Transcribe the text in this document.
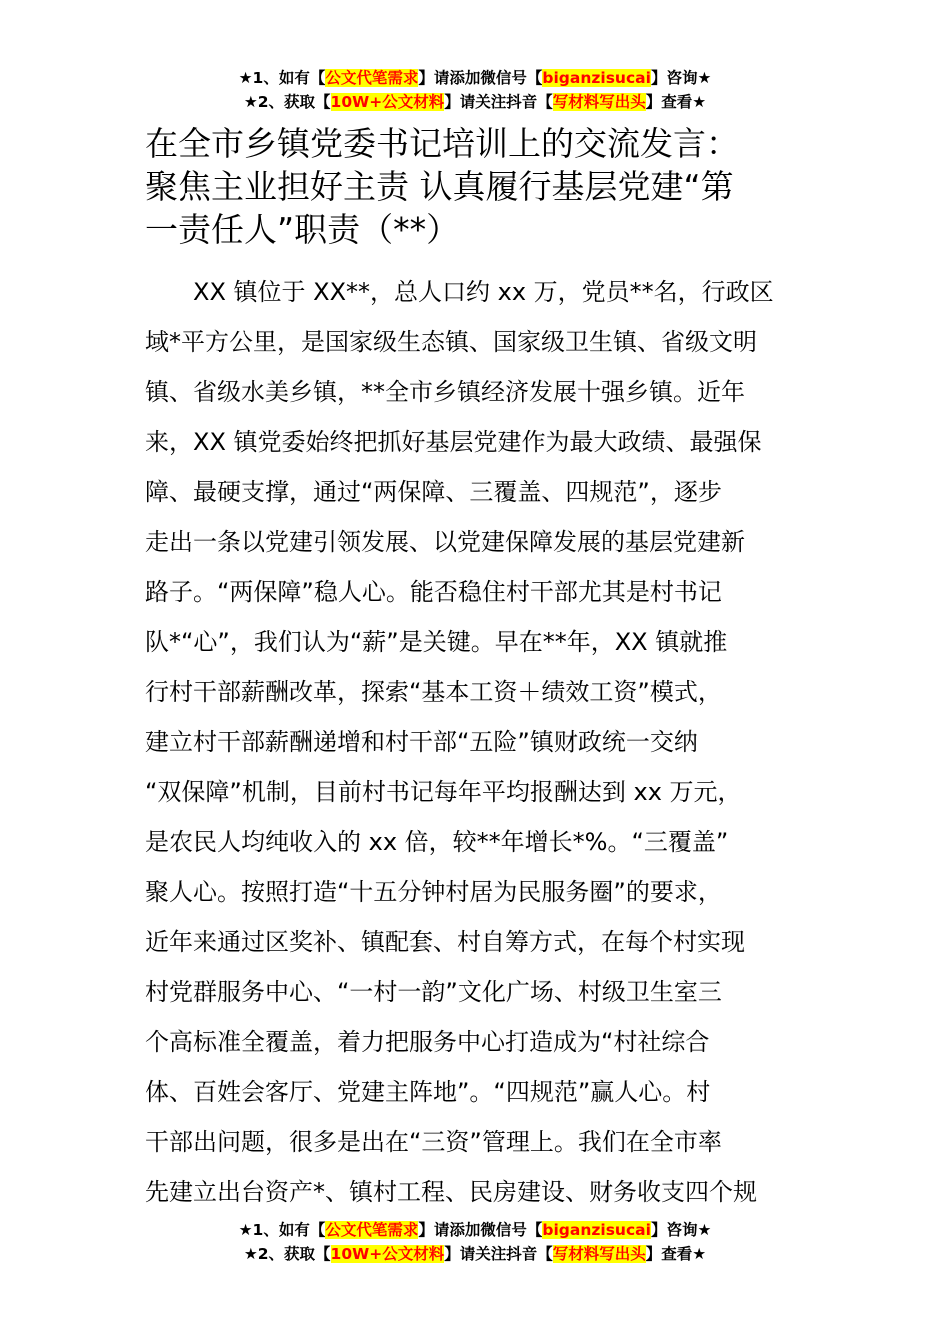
★1、如有【公文代笔需求】请添加微信号【biganzisucai】咨询★
★2、获取【10W+公文材料】请关注抖音【写材料写出头】查看★
在全市乡镇党委书记培训上的交流发言：
聚焦主业担好主责 认真履行基层党建“第
一责任人”职责（**）
　　XX 镇位于 XX**，总人口约 xx 万，党员**名，行政区
域*平方公里，是国家级生态镇、国家级卫生镇、省级文明
镇、省级水美乡镇，**全市乡镇经济发展十强乡镇。近年
来，XX 镇党委始终把抓好基层党建作为最大政绩、最强保
障、最硬支撑，通过“两保障、三覆盖、四规范”，逐步
走出一条以党建引领发展、以党建保障发展的基层党建新
路子。“两保障”稳人心。能否稳住村干部尤其是村书记
队*“心”，我们认为“薪”是关键。早在**年，XX 镇就推
行村干部薪酬改革，探索“基本工资＋绩效工资”模式，
建立村干部薪酬递增和村干部“五险”镇财政统一交纳
“双保障”机制，目前村书记每年平均报酬达到 xx 万元，
是农民人均纯收入的 xx 倍，较**年增长*%。“三覆盖”
聚人心。按照打造“十五分钟村居为民服务圈”的要求，
近年来通过区奖补、镇配套、村自筹方式，在每个村实现
村党群服务中心、“一村一韵”文化广场、村级卫生室三
个高标准全覆盖，着力把服务中心打造成为“村社综合
体、百姓会客厅、党建主阵地”。“四规范”赢人心。村
干部出问题，很多是出在“三资”管理上。我们在全市率
先建立出台资产*、镇村工程、民房建设、财务收支四个规
★1、如有【公文代笔需求】请添加微信号【biganzisucai】咨询★
★2、获取【10W+公文材料】请关注抖音【写材料写出头】查看★
